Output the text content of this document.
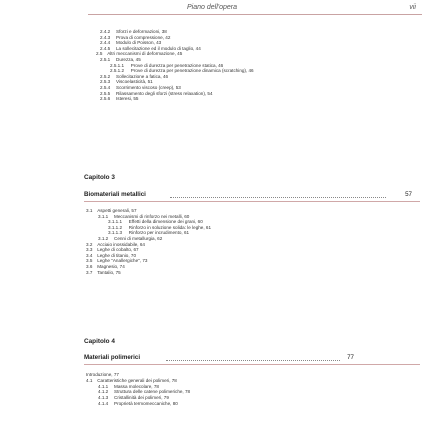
Piano dell'opera	vii
2.4.2 Sforzi e deformazioni, 38
2.4.3 Prova di compressione, 42
2.4.4 Modulo di Poisson, 43
2.4.5 La sollecitazione ed il modulo di taglio, 44
2.5 Altri meccanismi di deformazione, 45
2.5.1 Durezza, 45
2.5.1.1 Prove di durezza per penetrazione statica, 46
2.5.1.2 Prove di durezza per penetrazione dinamica (scratching), 46
2.5.2 Sollecitazione a fatica, 46
2.5.3 Viscoelasticità, 51
2.5.4 Scorrimento viscoso (creep), 53
2.5.5 Rilassamento degli sforzi (stress relaxation), 54
2.5.6 Isteresi, 55
Capitolo 3
Biomateriali metallici	57
3.1 Aspetti generali, 57
3.1.1 Meccanismi di rinforzo nei metalli, 60
3.1.1.1 Effetti della dimensione dei grani, 60
3.1.1.2 Rinforzo in soluzione solida: le leghe, 61
3.1.1.3 Rinforzo per incrudimento, 61
3.1.2 Cenni di metallurgia, 62
3.2 Acciaio inossidabile, 64
3.3 Leghe di cobalto, 67
3.4 Leghe di titanio, 70
3.5 Leghe "Anallergiche", 73
3.6 Magnesio, 74
3.7 Tantalio, 75
Capitolo 4
Materiali polimerici	77
Introduzione, 77
4.1 Caratteristiche generali dei polimeri, 78
4.1.1 Massa molecolare, 78
4.1.2 Struttura delle catene polimeriche, 78
4.1.3 Cristallinità dei polimeri, 79
4.1.4 Proprietà termomeccaniche, 80
